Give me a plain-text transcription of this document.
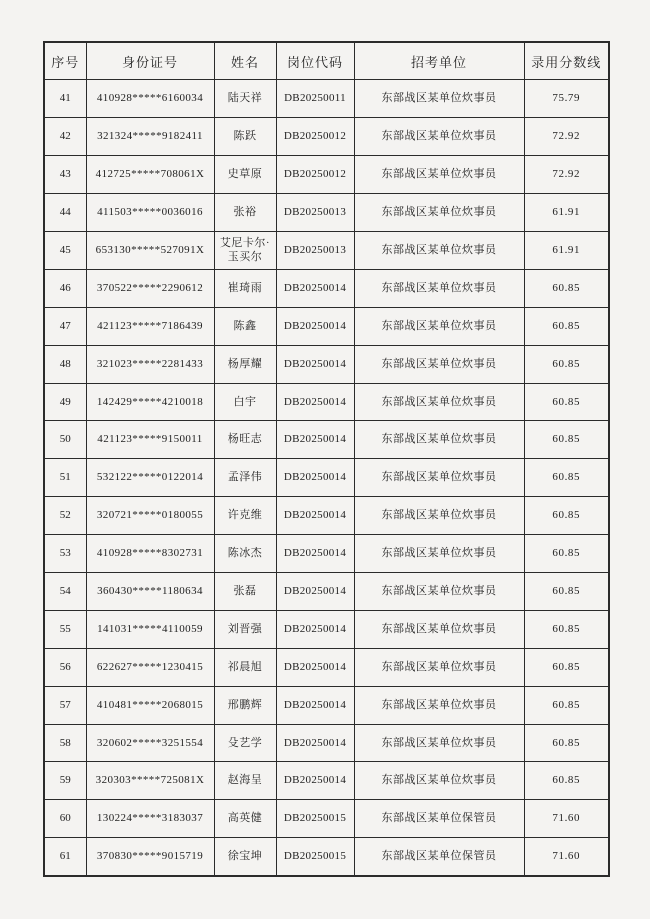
序号	身份证号	姓名	岗位代码	招考单位	录用分数线
41	410928*****6160034	陆天祥	DB20250011	东部战区某单位炊事员	75.79
42	321324*****9182411	陈跃	DB20250012	东部战区某单位炊事员	72.92
43	412725*****708061X	史草原	DB20250012	东部战区某单位炊事员	72.92
44	411503*****0036016	张裕	DB20250013	东部战区某单位炊事员	61.91
45	653130*****527091X	艾尼卡尔·玉买尔	DB20250013	东部战区某单位炊事员	61.91
46	370522*****2290612	崔琦雨	DB20250014	东部战区某单位炊事员	60.85
47	421123*****7186439	陈鑫	DB20250014	东部战区某单位炊事员	60.85
48	321023*****2281433	杨厚耀	DB20250014	东部战区某单位炊事员	60.85
49	142429*****4210018	白宇	DB20250014	东部战区某单位炊事员	60.85
50	421123*****9150011	杨旺志	DB20250014	东部战区某单位炊事员	60.85
51	532122*****0122014	孟泽伟	DB20250014	东部战区某单位炊事员	60.85
52	320721*****0180055	许克维	DB20250014	东部战区某单位炊事员	60.85
53	410928*****8302731	陈冰杰	DB20250014	东部战区某单位炊事员	60.85
54	360430*****1180634	张磊	DB20250014	东部战区某单位炊事员	60.85
55	141031*****4110059	刘晋强	DB20250014	东部战区某单位炊事员	60.85
56	622627*****1230415	祁晨旭	DB20250014	东部战区某单位炊事员	60.85
57	410481*****2068015	邢鹏辉	DB20250014	东部战区某单位炊事员	60.85
58	320602*****3251554	殳艺学	DB20250014	东部战区某单位炊事员	60.85
59	320303*****725081X	赵海呈	DB20250014	东部战区某单位炊事员	60.85
60	130224*****3183037	高英健	DB20250015	东部战区某单位保管员	71.60
61	370830*****9015719	徐宝坤	DB20250015	东部战区某单位保管员	71.60
